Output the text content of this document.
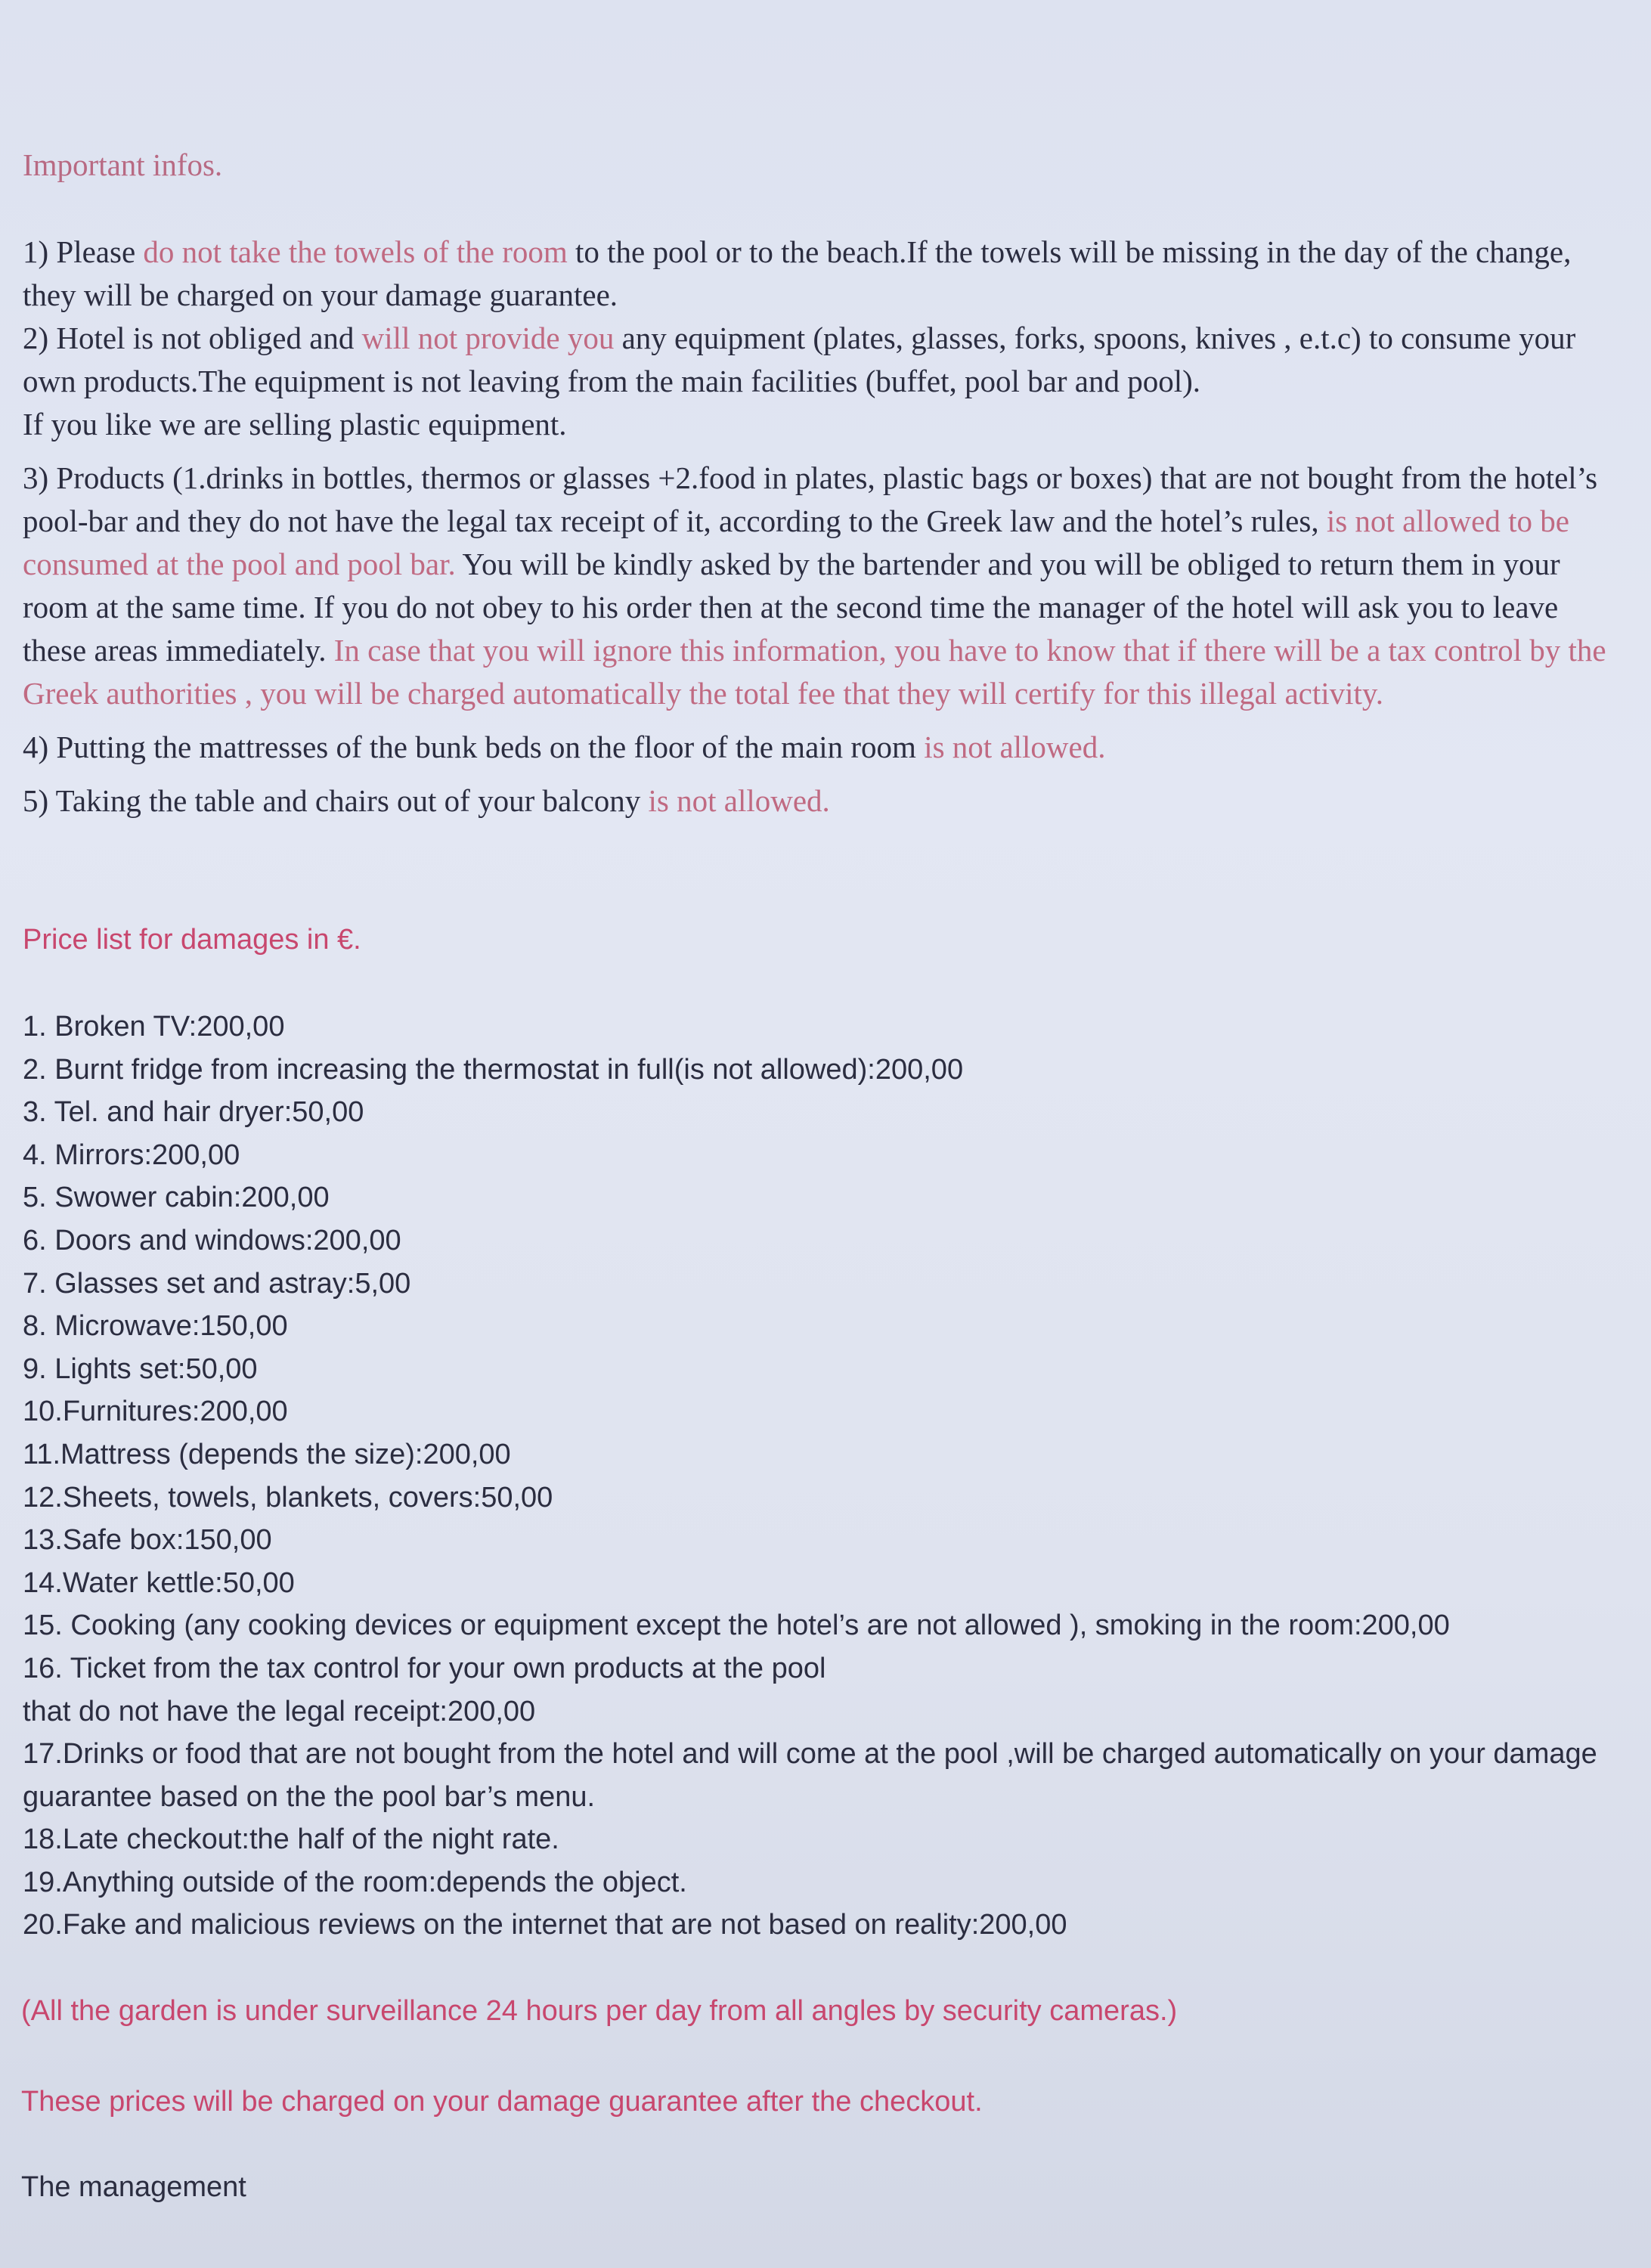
Important infos.

1) Please do not take the towels of the room to the pool or to the beach.If the towels will be missing in the day of the change, they will be charged on your damage guarantee.

2) Hotel is not obliged and will not provide you any equipment (plates, glasses, forks, spoons, knives , e.t.c) to consume your own products.The equipment is not leaving from the main facilities (buffet, pool bar and pool).

If you like we are selling plastic equipment.

3) Products (1.drinks in bottles, thermos or glasses +2.food in plates, plastic bags or boxes) that are not bought from the hotel’s pool-bar and they do not have the legal tax receipt of it, according to the Greek law and the hotel’s rules, is not allowed to be consumed at the pool and pool bar. You will be kindly asked by the bartender and you will be obliged to return them in your room at the same time. If you do not obey to his order then at the second time the manager of the hotel will ask you to leave these areas immediately. In case that you will ignore this information, you have to know that if there will be a tax control by the Greek authorities , you will be charged automatically the total fee that they will certify for this illegal activity.

4) Putting the mattresses of the bunk beds on the floor of the main room is not allowed.

5) Taking the table and chairs out of your balcony is not allowed.

Price list for damages in €.

1. Broken TV:200,00
2. Burnt fridge from increasing the thermostat in full(is not allowed):200,00
3. Tel. and hair dryer:50,00
4. Mirrors:200,00
5. Swower cabin:200,00
6. Doors and windows:200,00
7. Glasses set and astray:5,00
8. Microwave:150,00
9. Lights set:50,00
10.Furnitures:200,00
11.Mattress (depends the size):200,00
12.Sheets, towels, blankets, covers:50,00
13.Safe box:150,00
14.Water kettle:50,00
15. Cooking (any cooking devices or equipment except the hotel’s are not allowed ), smoking in the room:200,00
16. Ticket from the tax control for your own products at the pool
that do not have the legal receipt:200,00
17.Drinks or food that are not bought from the hotel and will come at the pool ,will be charged automatically on your damage guarantee based on the the pool bar’s menu.
18.Late checkout:the half of the night rate.
19.Anything outside of the room:depends the object.
20.Fake and malicious reviews on the internet that are not based on reality:200,00

(All the garden is under surveillance 24 hours per day from all angles by security cameras.)

These prices will be charged on your damage guarantee after the checkout.

The management
